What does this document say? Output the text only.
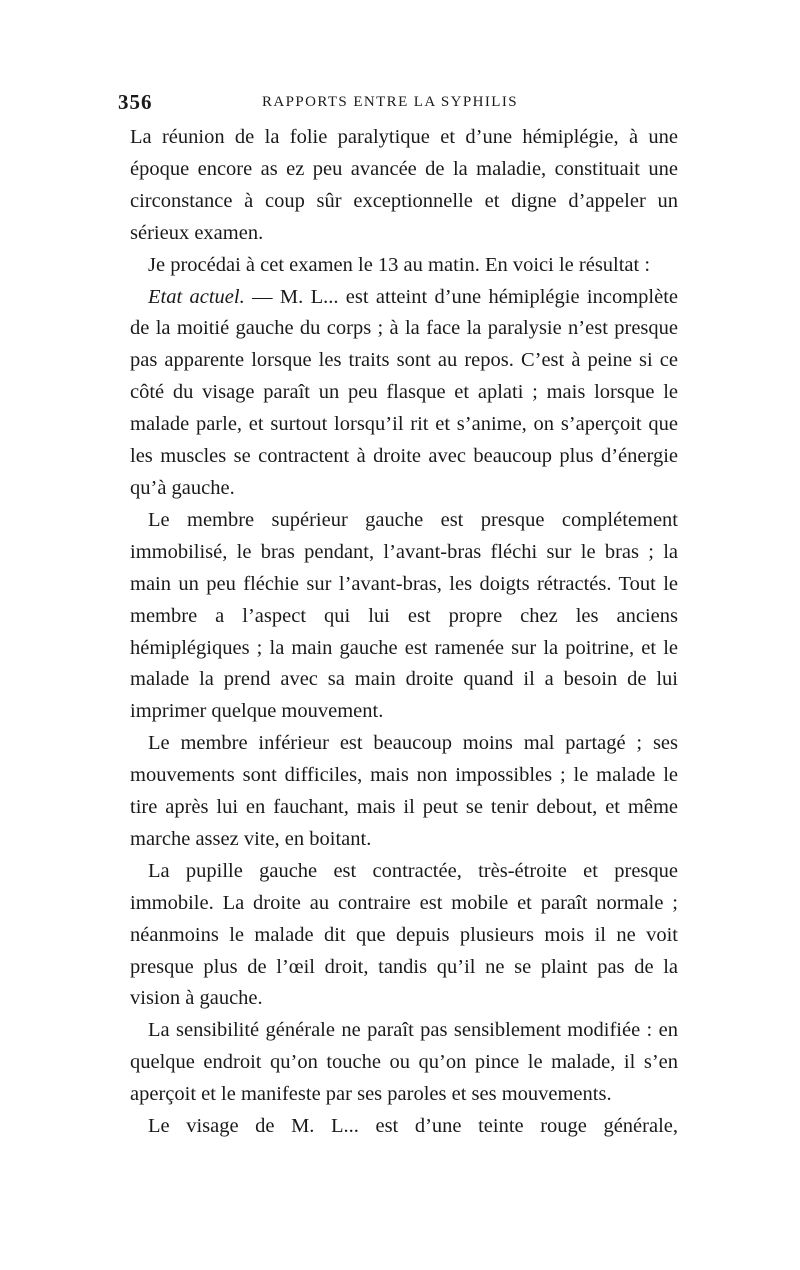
356	RAPPORTS ENTRE LA SYPHILIS

La réunion de la folie paralytique et d’une hémiplégie, à une époque encore as ez peu avancée de la maladie, constituait une circonstance à coup sûr exceptionnelle et digne d’appeler un sérieux examen.

Je procédai à cet examen le 13 au matin. En voici le résultat :

Etat actuel. — M. L... est atteint d’une hémiplégie incomplète de la moitié gauche du corps ; à la face la paralysie n’est presque pas apparente lorsque les traits sont au repos. C’est à peine si ce côté du visage paraît un peu flasque et aplati ; mais lorsque le malade parle, et surtout lorsqu’il rit et s’anime, on s’aperçoit que les muscles se contractent à droite avec beaucoup plus d’énergie qu’à gauche.

Le membre supérieur gauche est presque complétement immobilisé, le bras pendant, l’avant-bras fléchi sur le bras ; la main un peu fléchie sur l’avant-bras, les doigts rétractés. Tout le membre a l’aspect qui lui est propre chez les anciens hémiplégiques ; la main gauche est ramenée sur la poitrine, et le malade la prend avec sa main droite quand il a besoin de lui imprimer quelque mouvement.

Le membre inférieur est beaucoup moins mal partagé ; ses mouvements sont difficiles, mais non impossibles ; le malade le tire après lui en fauchant, mais il peut se tenir debout, et même marche assez vite, en boitant.

La pupille gauche est contractée, très-étroite et presque immobile. La droite au contraire est mobile et paraît normale ; néanmoins le malade dit que depuis plusieurs mois il ne voit presque plus de l’œil droit, tandis qu’il ne se plaint pas de la vision à gauche.

La sensibilité générale ne paraît pas sensiblement modifiée : en quelque endroit qu’on touche ou qu’on pince le malade, il s’en aperçoit et le manifeste par ses paroles et ses mouvements.

Le visage de M. L... est d’une teinte rouge générale,
